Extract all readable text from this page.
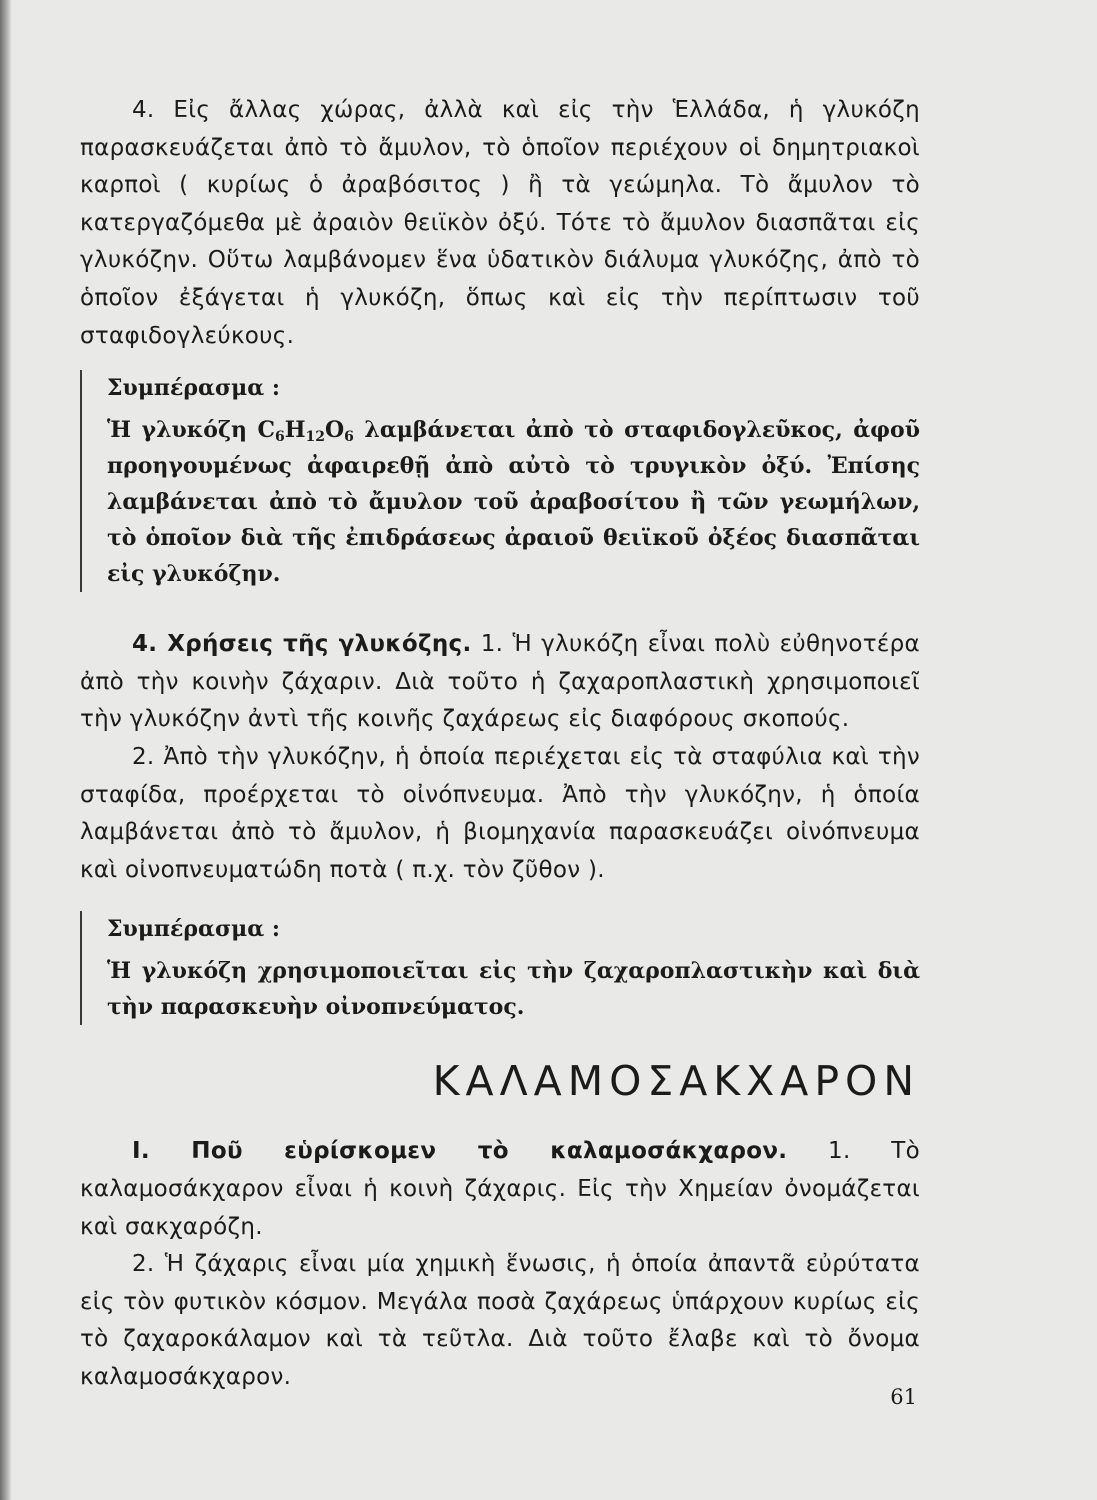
4. Εἰς ἄλλας χώρας, ἀλλὰ καὶ εἰς τὴν Ἑλλάδα, ἡ γλυκόζη παρασκευάζεται ἀπὸ τὸ ἄμυλον, τὸ ὁποῖον περιέχουν οἱ δημητριακοὶ καρποὶ ( κυρίως ὁ ἀραβόσιτος ) ἢ τὰ γεώμηλα. Τὸ ἄμυλον τὸ κατεργαζόμεθα μὲ ἀραιὸν θειϊκὸν ὀξύ. Τότε τὸ ἄμυλον διασπᾶται εἰς γλυκόζην. Οὕτω λαμβάνομεν ἕνα ὑδατικὸν διάλυμα γλυκόζης, ἀπὸ τὸ ὁποῖον ἐξάγεται ἡ γλυκόζη, ὅπως καὶ εἰς τὴν περίπτωσιν τοῦ σταφιδογλεύκους.

Συμπέρασμα :

Ἡ γλυκόζη $C_6H_{12}O_6$ λαμβάνεται ἀπὸ τὸ σταφιδογλεῦκος, ἀφοῦ προηγουμένως ἀφαιρεθῇ ἀπὸ αὐτὸ τὸ τρυγικὸν ὀξύ. Ἐπίσης λαμβάνεται ἀπὸ τὸ ἄμυλον τοῦ ἀραβοσίτου ἢ τῶν γεωμήλων, τὸ ὁποῖον διὰ τῆς ἐπιδράσεως ἀραιοῦ θειϊκοῦ ὀξέος διασπᾶται εἰς γλυκόζην.

4. Χρήσεις τῆς γλυκόζης. 1. Ἡ γλυκόζη εἶναι πολὺ εὐθηνοτέρα ἀπὸ τὴν κοινὴν ζάχαριν. Διὰ τοῦτο ἡ ζαχαροπλαστικὴ χρησιμοποιεῖ τὴν γλυκόζην ἀντὶ τῆς κοινῆς ζαχάρεως εἰς διαφόρους σκοπούς.

2. Ἀπὸ τὴν γλυκόζην, ἡ ὁποία περιέχεται εἰς τὰ σταφύλια καὶ τὴν σταφίδα, προέρχεται τὸ οἰνόπνευμα. Ἀπὸ τὴν γλυκόζην, ἡ ὁποία λαμβάνεται ἀπὸ τὸ ἄμυλον, ἡ βιομηχανία παρασκευάζει οἰνόπνευμα καὶ οἰνοπνευματώδη ποτὰ ( π.χ. τὸν ζῦθον ).

Συμπέρασμα :

Ἡ γλυκόζη χρησιμοποιεῖται εἰς τὴν ζαχαροπλαστικὴν καὶ διὰ τὴν παρασκευὴν οἰνοπνεύματος.

ΚΑΛΑΜΟΣΑΚΧΑΡΟΝ

Ι. Ποῦ εὑρίσκομεν τὸ καλαμοσάκχαρον. 1. Τὸ καλαμοσάκχαρον εἶναι ἡ κοινὴ ζάχαρις. Εἰς τὴν Χημείαν ὀνομάζεται καὶ σακχαρόζη.

2. Ἡ ζάχαρις εἶναι μία χημικὴ ἕνωσις, ἡ ὁποία ἀπαντᾶ εὐρύτατα εἰς τὸν φυτικὸν κόσμον. Μεγάλα ποσὰ ζαχάρεως ὑπάρχουν κυρίως εἰς τὸ ζαχαροκάλαμον καὶ τὰ τεῦτλα. Διὰ τοῦτο ἔλαβε καὶ τὸ ὄνομα καλαμοσάκχαρον.

61
